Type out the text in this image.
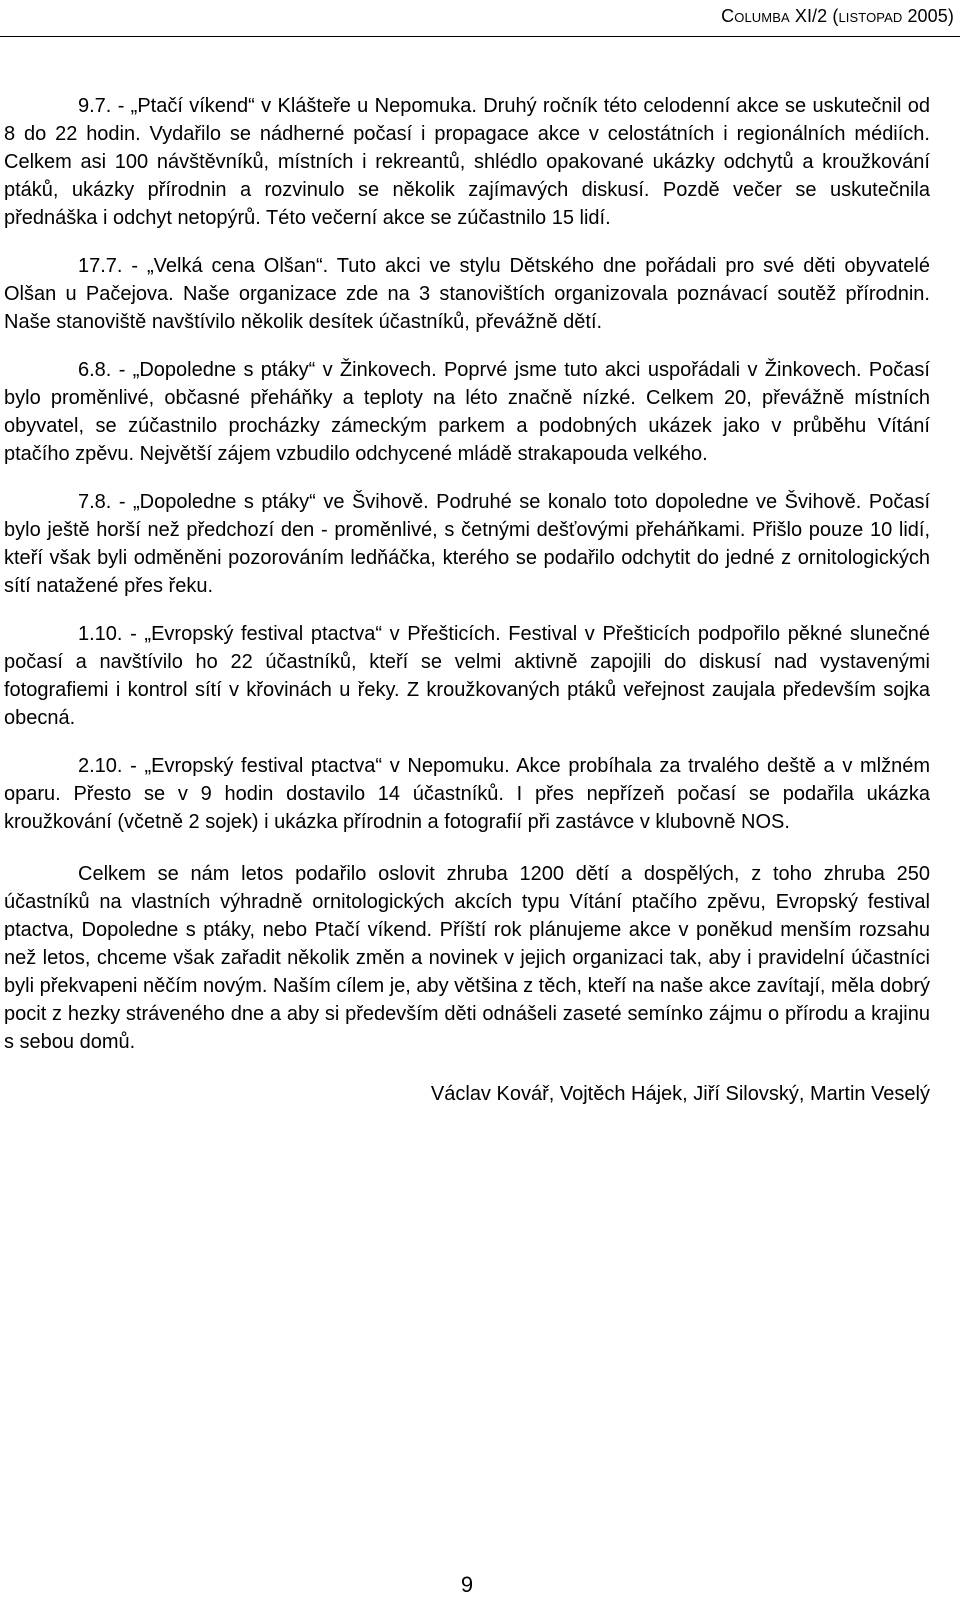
Columba XI/2 (listopad 2005)

9.7. - „Ptačí víkend“ v Klášteře u Nepomuka. Druhý ročník této celodenní akce se uskutečnil od 8 do 22 hodin. Vydařilo se nádherné počasí i propagace akce v celostátních i regionálních médiích. Celkem asi 100 návštěvníků, místních i rekreantů, shlédlo opakované ukázky odchytů a kroužkování ptáků, ukázky přírodnin a rozvinulo se několik zajímavých diskusí. Pozdě večer se uskutečnila přednáška i odchyt netopýrů. Této večerní akce se zúčastnilo 15 lidí.

17.7. - „Velká cena Olšan“. Tuto akci ve stylu Dětského dne pořádali pro své děti obyvatelé Olšan u Pačejova. Naše organizace zde na 3 stanovištích organizovala poznávací soutěž přírodnin. Naše stanoviště navštívilo několik desítek účastníků, převážně dětí.

6.8. - „Dopoledne s ptáky“ v Žinkovech. Poprvé jsme tuto akci uspořádali v Žinkovech. Počasí bylo proměnlivé, občasné přeháňky a teploty na léto značně nízké. Celkem 20, převážně místních obyvatel, se zúčastnilo procházky zámeckým parkem a podobných ukázek jako v průběhu Vítání ptačího zpěvu. Největší zájem vzbudilo odchycené mládě strakapouda velkého.

7.8. - „Dopoledne s ptáky“ ve Švihově. Podruhé se konalo toto dopoledne ve Švihově. Počasí bylo ještě horší než předchozí den - proměnlivé, s četnými dešťovými přeháňkami. Přišlo pouze 10 lidí, kteří však byli odměněni pozorováním ledňáčka, kterého se podařilo odchytit do jedné z ornitologických sítí natažené přes řeku.

1.10. - „Evropský festival ptactva“ v Přešticích. Festival v Přešticích podpořilo pěkné slunečné počasí a navštívilo ho 22 účastníků, kteří se velmi aktivně zapojili do diskusí nad vystavenými fotografiemi i kontrol sítí v křovinách u řeky. Z kroužkovaných ptáků veřejnost zaujala především sojka obecná.

2.10. - „Evropský festival ptactva“ v Nepomuku. Akce probíhala za trvalého deště a v mlžném oparu. Přesto se v 9 hodin dostavilo 14 účastníků. I přes nepřízeň počasí se podařila ukázka kroužkování (včetně 2 sojek) i ukázka přírodnin a fotografií při zastávce v klubovně NOS.

Celkem se nám letos podařilo oslovit zhruba 1200 dětí a dospělých, z toho zhruba 250 účastníků na vlastních výhradně ornitologických akcích typu Vítání ptačího zpěvu, Evropský festival ptactva, Dopoledne s ptáky, nebo Ptačí víkend. Příští rok plánujeme akce v poněkud menším rozsahu než letos, chceme však zařadit několik změn a novinek v jejich organizaci tak, aby i pravidelní účastníci byli překvapeni něčím novým. Naším cílem je, aby většina z těch, kteří na naše akce zavítají, měla dobrý pocit z hezky stráveného dne a aby si především děti odnášeli zaseté semínko zájmu o přírodu a krajinu s sebou domů.

Václav Kovář, Vojtěch Hájek, Jiří Silovský, Martin Veselý

9
